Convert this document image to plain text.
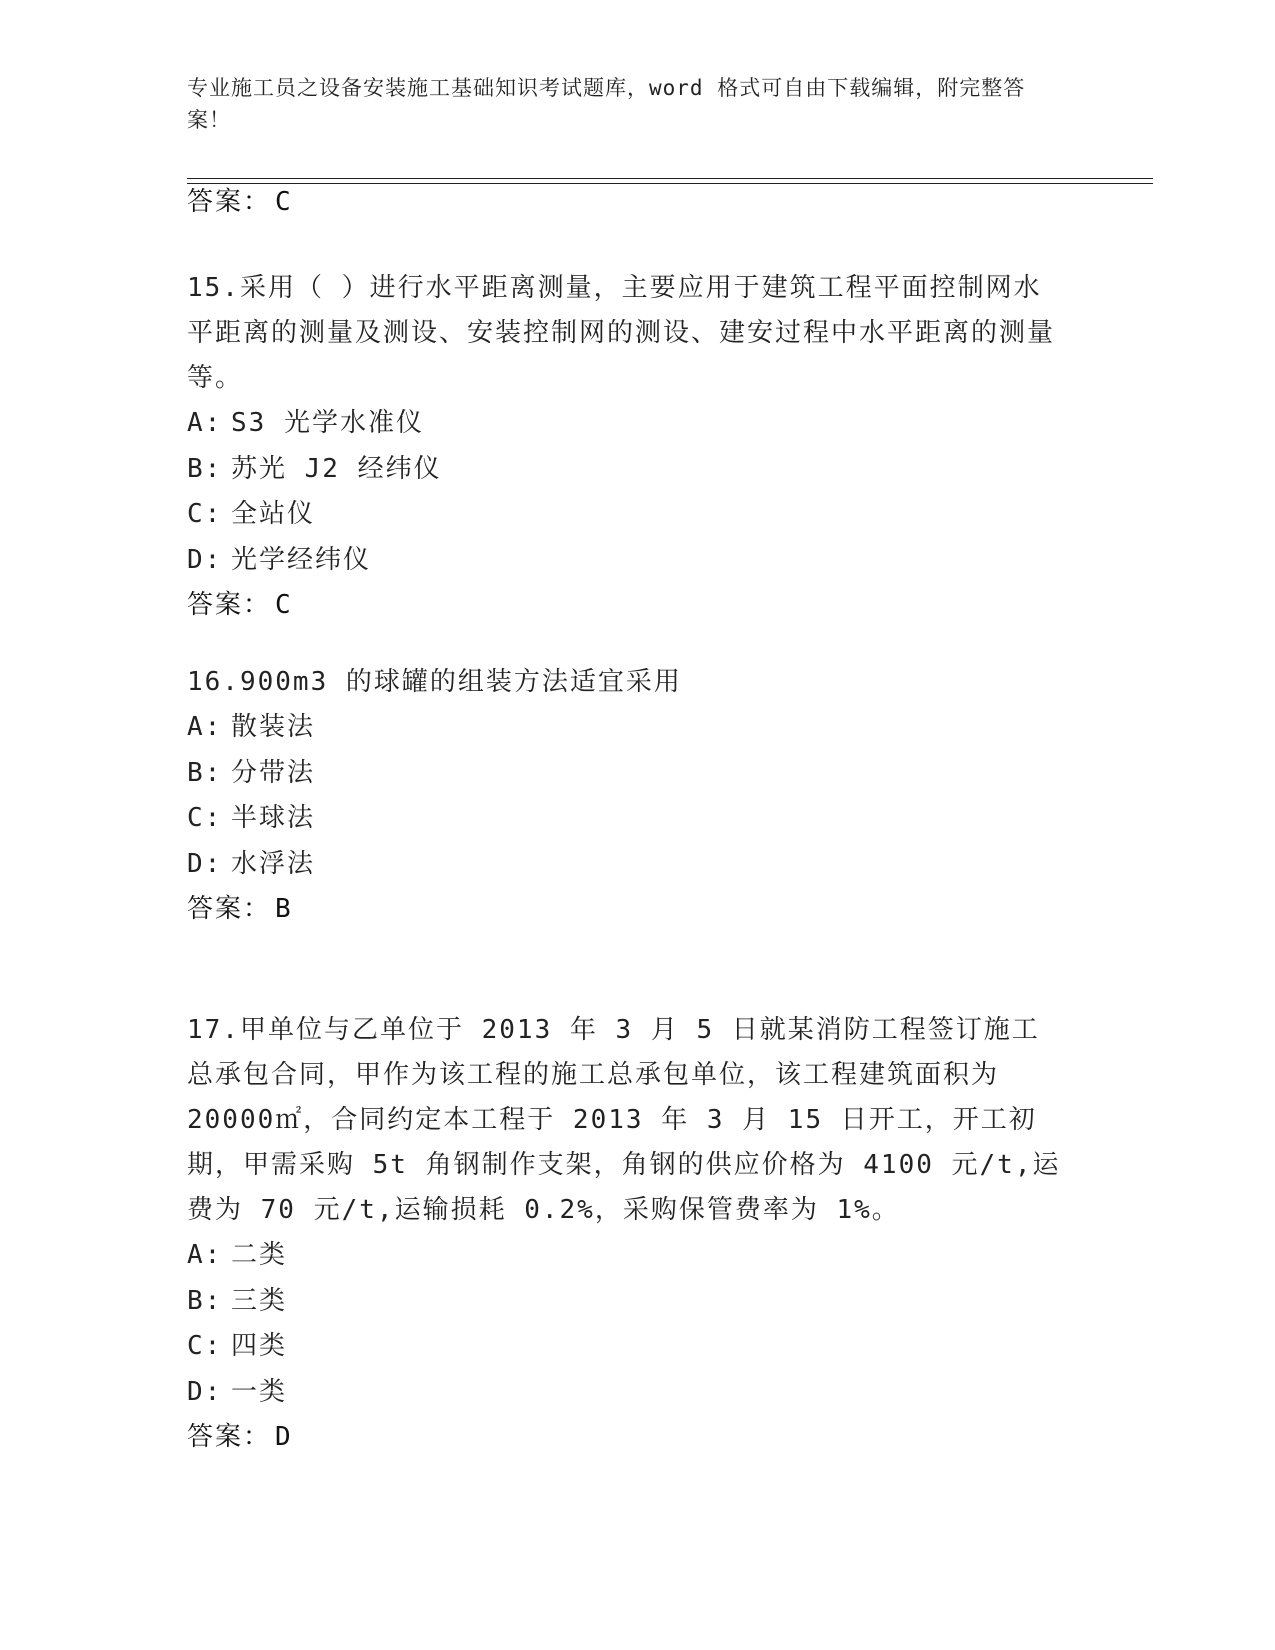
专业施工员之设备安装施工基础知识考试题库，word 格式可自由下载编辑，附完整答案！
答案： C

15.采用（ ）进行水平距离测量，主要应用于建筑工程平面控制网水平距离的测量及测设、安装控制网的测设、建安过程中水平距离的测量等。

A: S3 光学水准仪
B: 苏光 J2 经纬仪
C: 全站仪
D: 光学经纬仪
答案： C

16.900m3 的球罐的组装方法适宜采用

A: 散装法
B: 分带法
C: 半球法
D: 水浮法
答案： B

17.甲单位与乙单位于 2013 年 3 月 5 日就某消防工程签订施工总承包合同，甲作为该工程的施工总承包单位，该工程建筑面积为 20000㎡，合同约定本工程于 2013 年 3 月 15 日开工，开工初期，甲需采购 5t 角钢制作支架，角钢的供应价格为 4100 元/t,运费为 70 元/t,运输损耗 0.2%，采购保管费率为 1%。

A: 二类
B: 三类
C: 四类
D: 一类
答案： D
